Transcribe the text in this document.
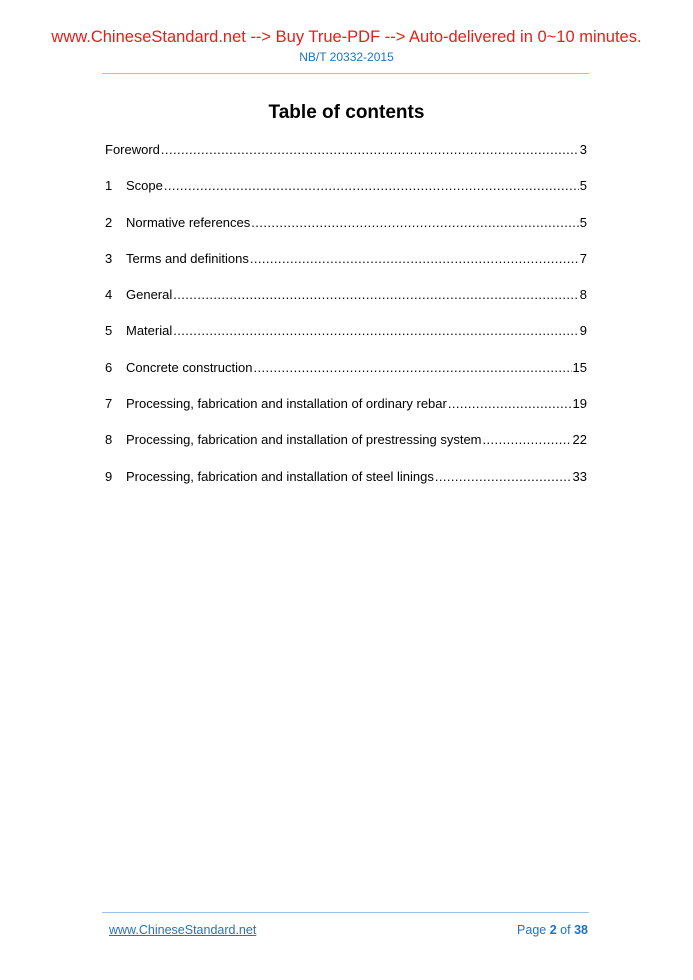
www.ChineseStandard.net --> Buy True-PDF --> Auto-delivered in 0~10 minutes.
NB/T 20332-2015
Table of contents
Foreword .....	3
1	Scope .....	5
2	Normative references .....	5
3	Terms and definitions .....	7
4	General .....	8
5	Material .....	9
6	Concrete construction .....	15
7	Processing, fabrication and installation of ordinary rebar .....	19
8	Processing, fabrication and installation of prestressing system .....	22
9	Processing, fabrication and installation of steel linings .....	33
www.ChineseStandard.net	Page 2 of 38
